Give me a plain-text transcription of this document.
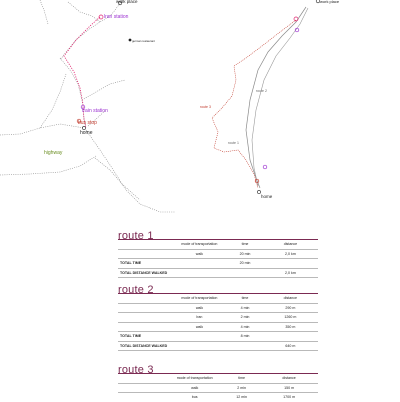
work place
lran station
german restaurant
train station
bus stop
home
highway
work place
route 2
route 3
route 1
home
route 1
	mode of transportation	time	distance
	walk	20 min	2,0 km
TOTAL TIME		20 min	
TOTAL DISTANCE WALKED			2,0 km
route 2
	mode of transportation	time	distance
	walk	4 min	290 m
	lran	2 min	1260 m
	walk	4 min	350 m
TOTAL TIME		8 min	
TOTAL DISTANCE WALKED			640 m
route 3
	mode of transportation	time	distance
	walk	2 min	150 m
	bus	12 min	1700 m
